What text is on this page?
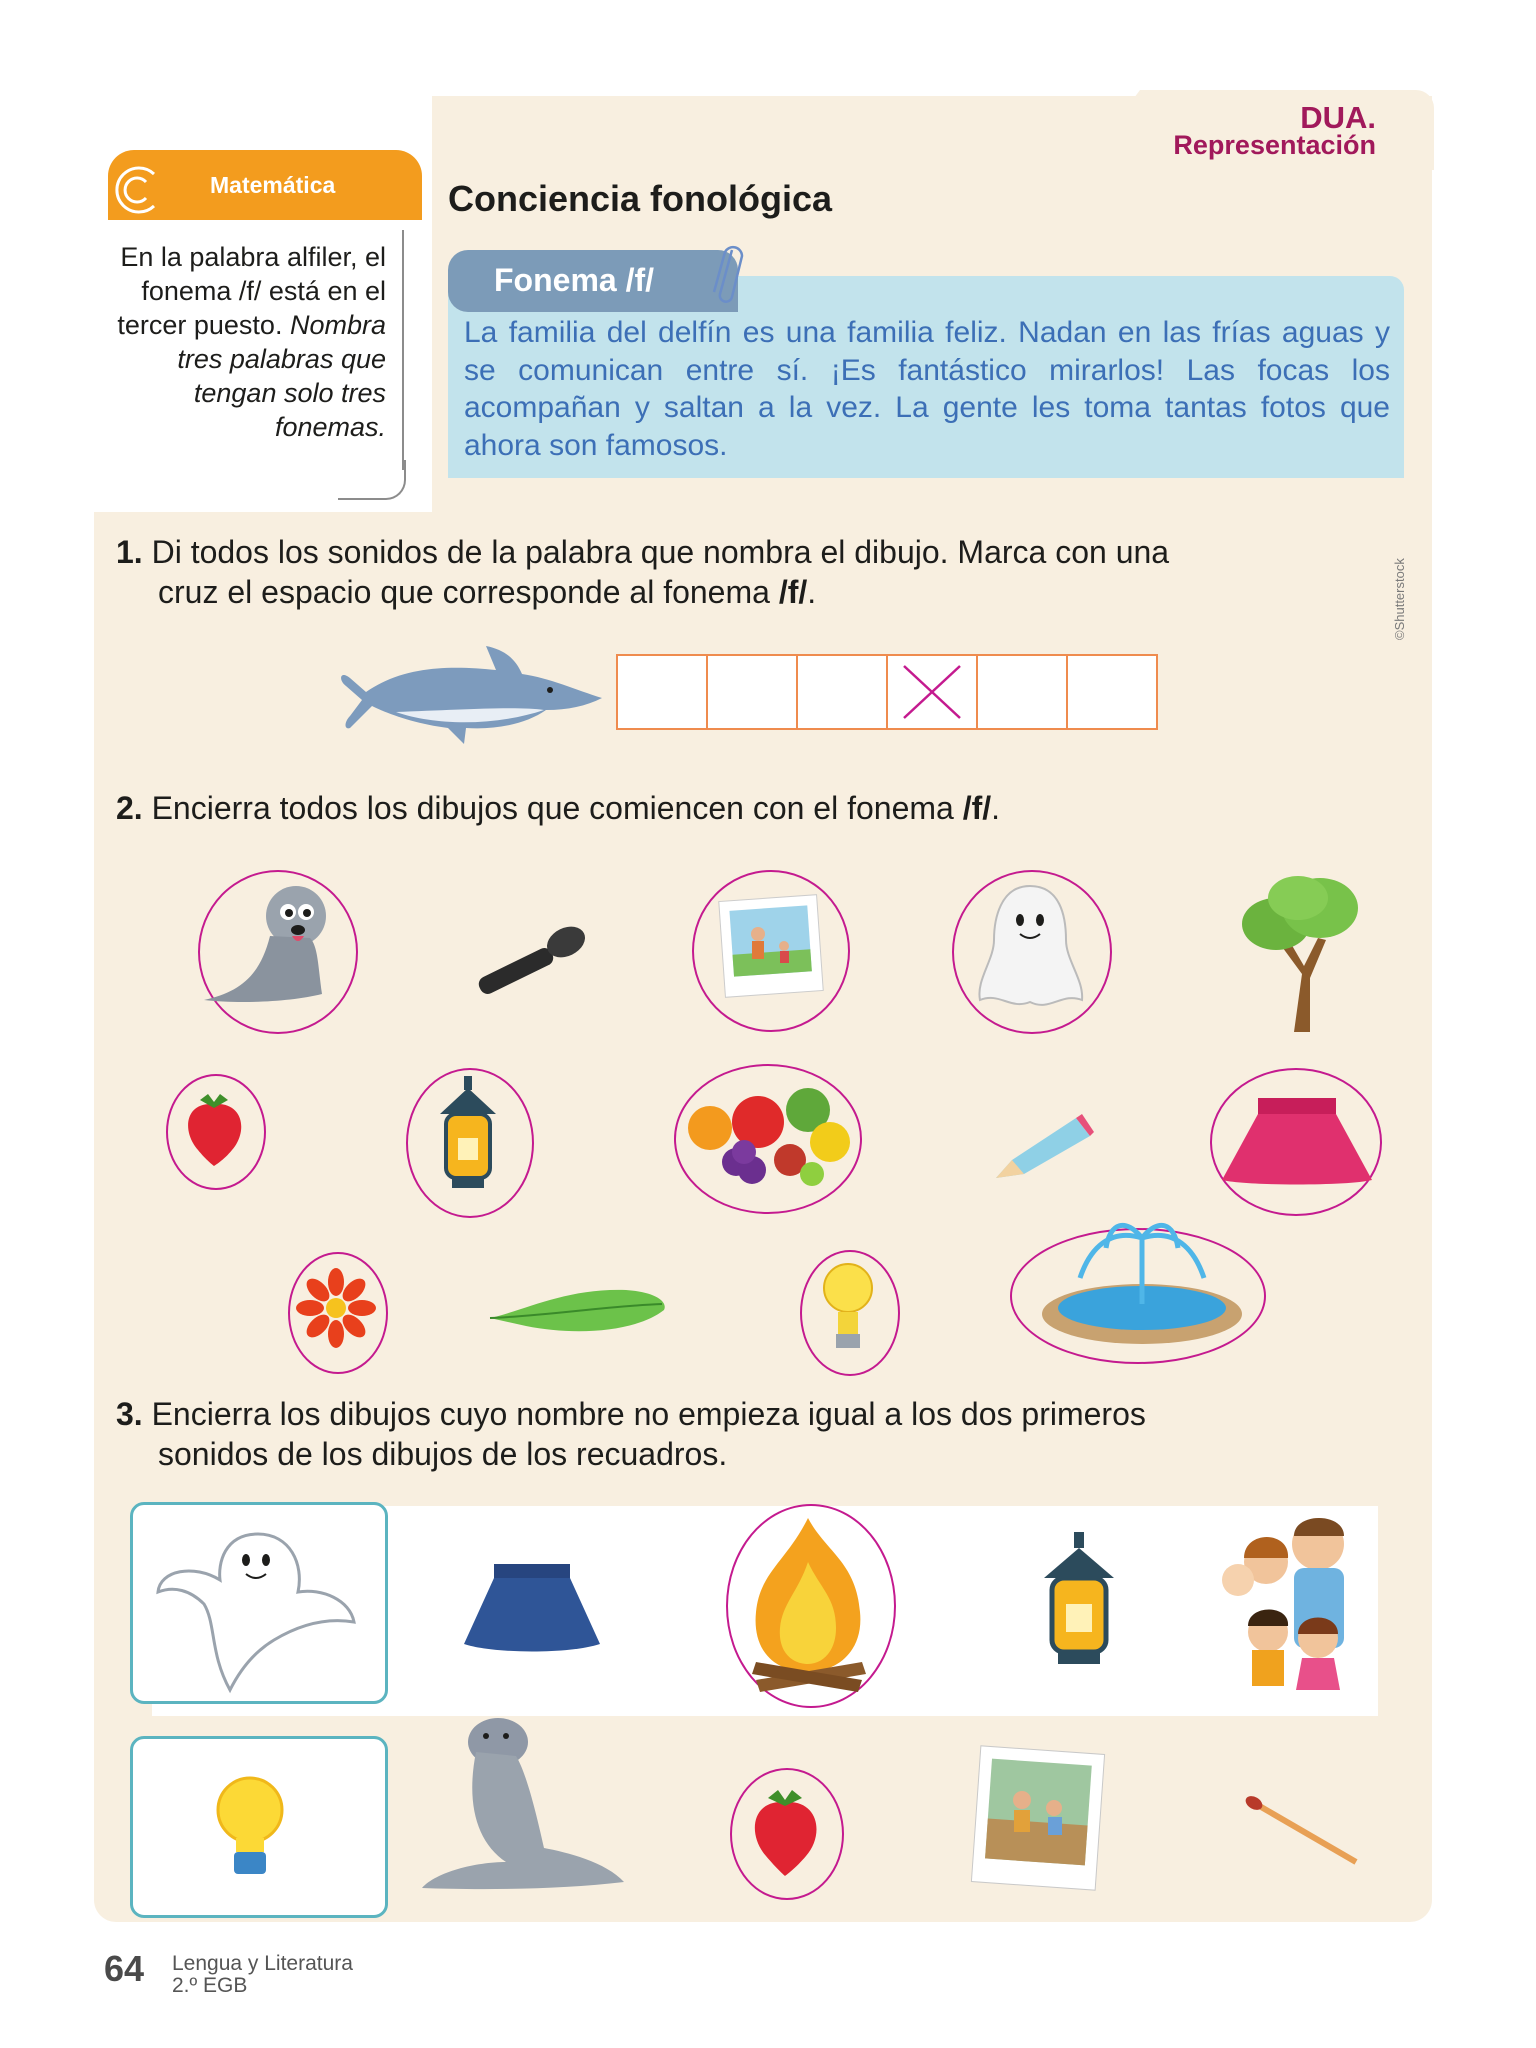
DUA.
Representación
Matemática
En la palabra alfiler, el fonema /f/ está en el tercer puesto. Nombra tres palabras que tengan solo tres fonemas.
Conciencia fonológica
Fonema /f/
La familia del delfín es una familia feliz. Nadan en las frías aguas y se comunican entre sí. ¡Es fantástico mirarlos! Las focas los acompañan y saltan a la vez. La gente les toma tantas fotos que ahora son famosos.
1. Di todos los sonidos de la palabra que nombra el dibujo. Marca con una
cruz el espacio que corresponde al fonema /f/.	©Shutterstock
2. Encierra todos los dibujos que comiencen con el fonema /f/.
3. Encierra los dibujos cuyo nombre no empieza igual a los dos primeros
sonidos de los dibujos de los recuadros.
64 Lengua y Literatura
2.º EGB
